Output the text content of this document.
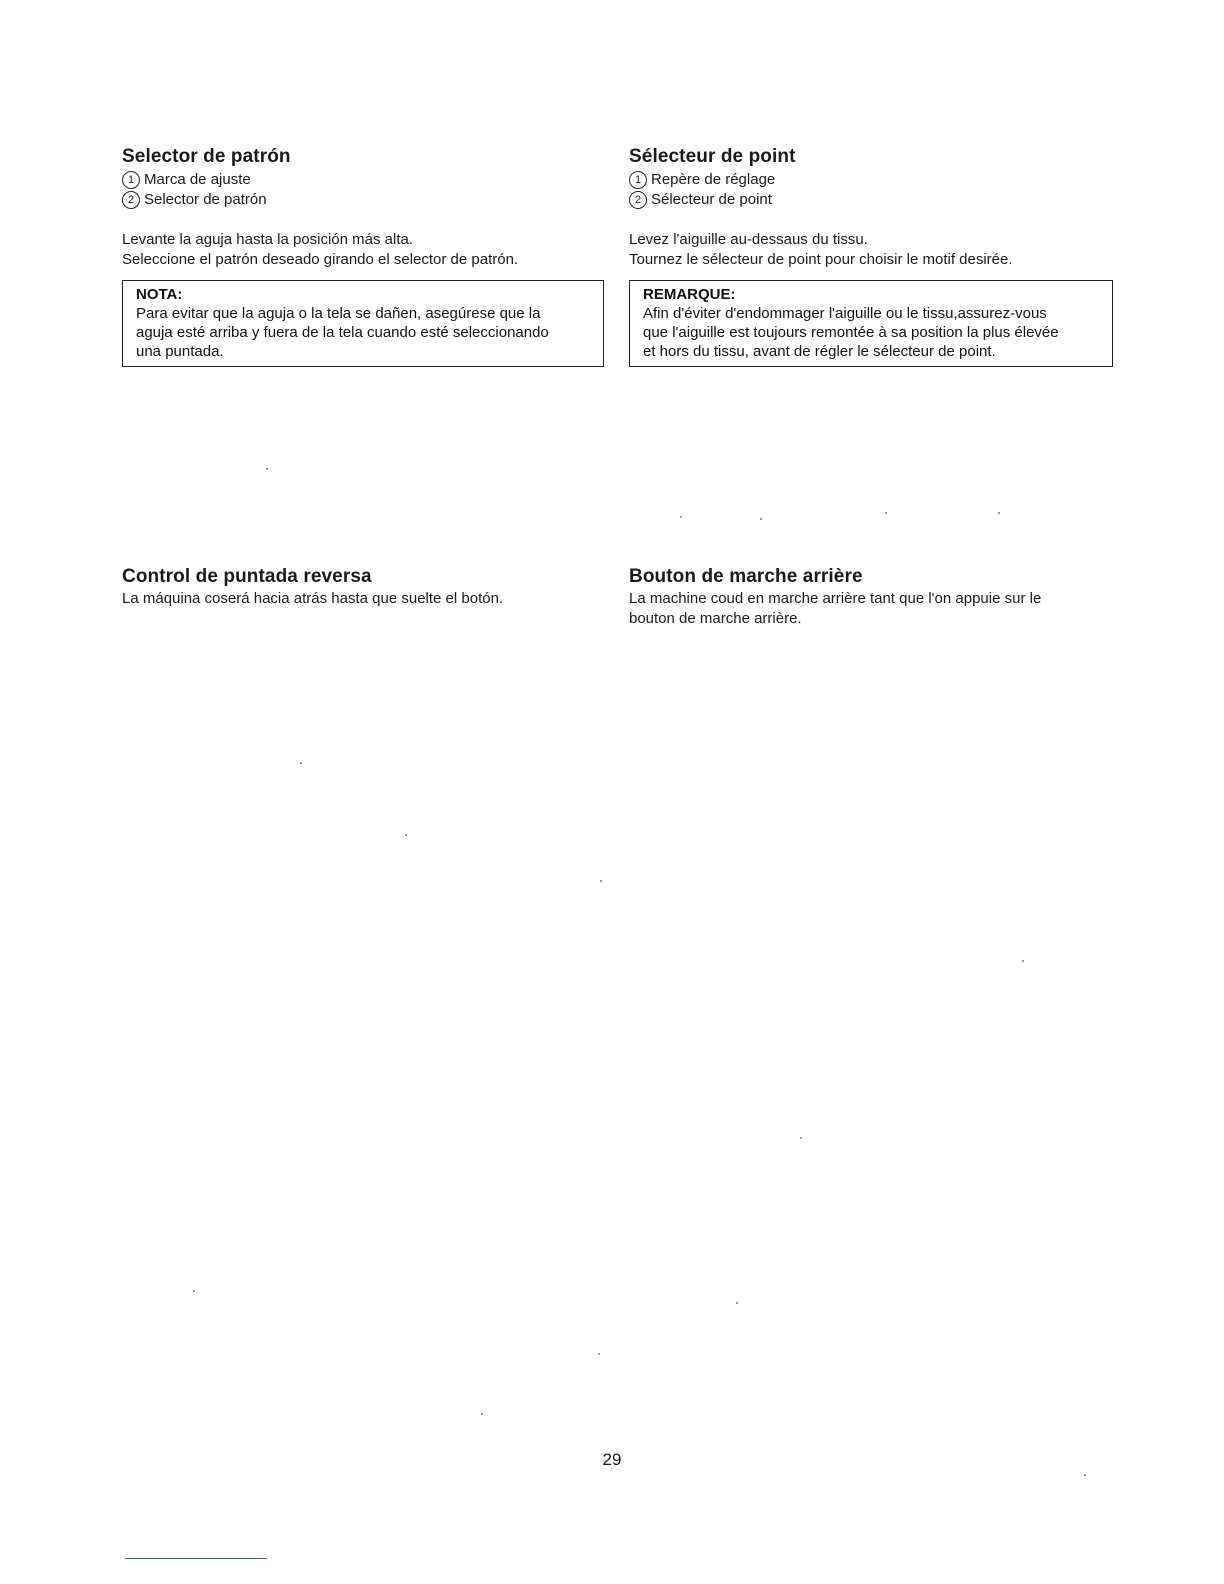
Selector de patrón
1 Marca de ajuste
2 Selector de patrón

Levante la aguja hasta la posición más alta.

Seleccione el patrón deseado girando el selector de patrón.

NOTA:
Para evitar que la aguja o la tela se dañen, asegúrese que la
aguja esté arriba y fuera de la tela cuando esté seleccionando
una puntada.
Control de puntada reversa

La máquina coserá hacia atrás hasta que suelte el botón.

Sélecteur de point
1 Repère de réglage
2 Sélecteur de point

Levez l'aiguille au-dessaus du tissu.

Tournez le sélecteur de point pour choisir le motif desirée.

REMARQUE:
Afin d'éviter d'endommager l'aiguille ou le tissu,assurez-vous
que l'aiguille est toujours remontée à sa position la plus élevée
et hors du tissu, avant de régler le sélecteur de point.
Bouton de marche arrière

La machine coud en marche arrière tant que l'on appuie sur le

bouton de marche arrière.

29
